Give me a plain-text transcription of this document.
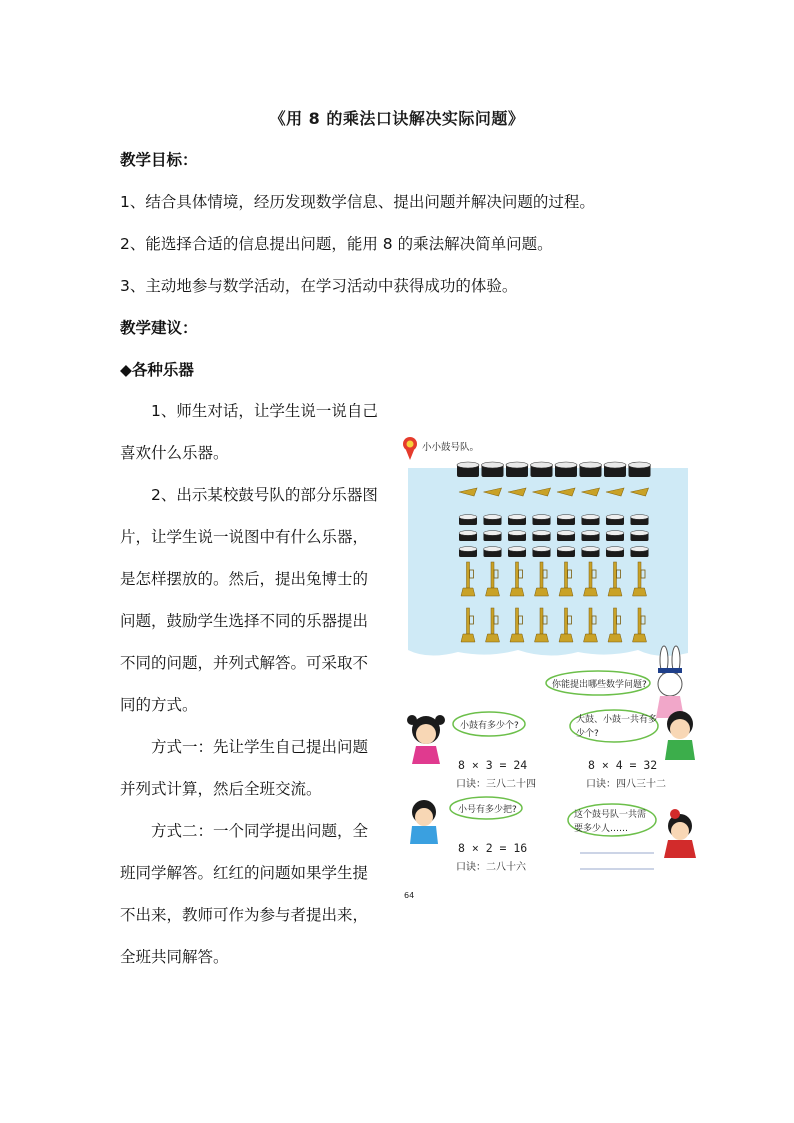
《用 8 的乘法口诀解决实际问题》
教学目标：
1、结合具体情境，经历发现数学信息、提出问题并解决问题的过程。
2、能选择合适的信息提出问题，能用 8 的乘法解决简单问题。
3、主动地参与数学活动，在学习活动中获得成功的体验。
教学建议：
◆各种乐器

1、师生对话，让学生说一说自己喜欢什么乐器。

2、出示某校鼓号队的部分乐器图片，让学生说一说图中有什么乐器，是怎样摆放的。然后，提出兔博士的问题，鼓励学生选择不同的乐器提出不同的问题，并列式解答。可采取不同的方式。

方式一：先让学生自己提出问题并列式计算，然后全班交流。

方式二：一个同学提出问题，全班同学解答。红红的问题如果学生提不出来，教师可作为参与者提出来，全班共同解答。

小小鼓号队。
你能提出哪些数学问题?
小鼓有多少个?
大鼓、小鼓一共有多
少个?
小号有多少把?	这个鼓号队一共需
要多少人……
8 × 3 = 24
口诀：三八二十四
8 × 4 = 32
口诀：四八三十二
8 × 2 = 16
口诀：二八十六
64
